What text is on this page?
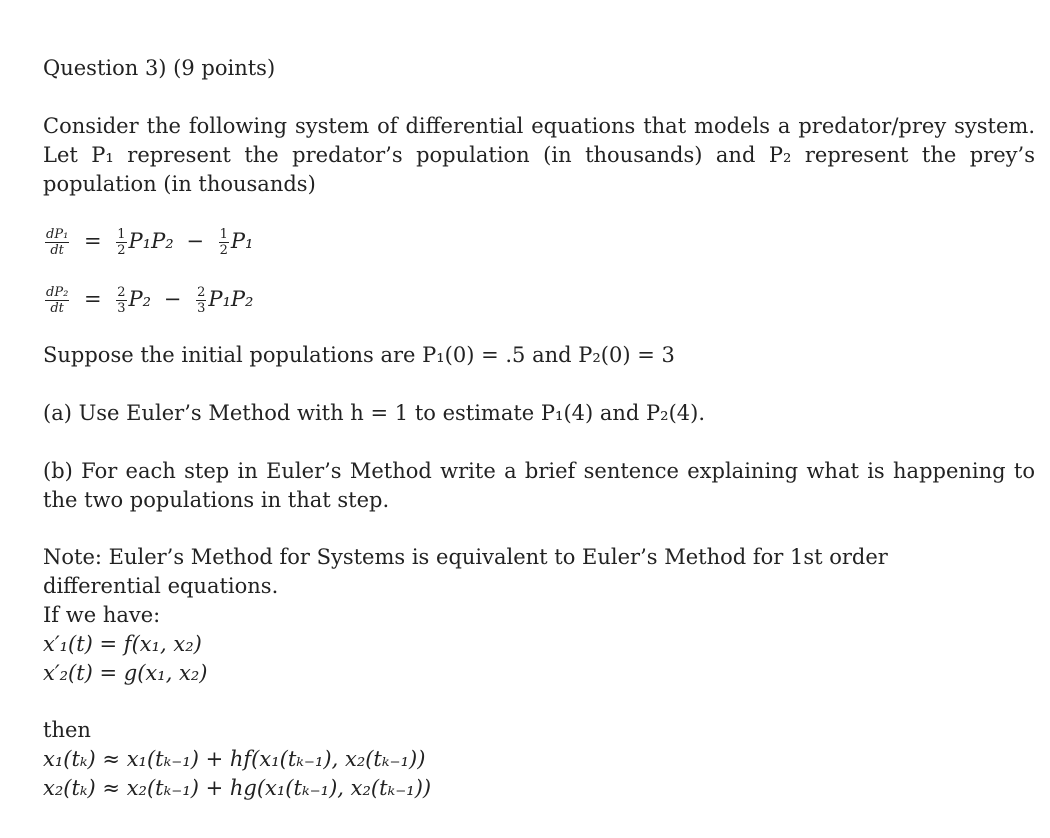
Question 3) (9 points)
Consider the following system of differential equations that models a predator/prey system. Let P₁ represent the predator’s population (in thousands) and P₂ represent the prey’s population (in thousands)
$\frac{\text{dP₁}}{dt} = \frac{1}{2} P_1P_2 - \frac{1}{2} P_1$
$\frac{\text{dP₂}}{dt} = \frac{2}{3} P_2 - \frac{2}{3} P_1P_2$
Suppose the initial populations are P₁(0) = .5 and P₂(0) = 3
(a) Use Euler’s Method with h = 1 to estimate P₁(4) and P₂(4).
(b) For each step in Euler’s Method write a brief sentence explaining what is happening to the two populations in that step.
Note: Euler’s Method for Systems is equivalent to Euler’s Method for 1st order differential equations.
If we have:
x′₁(t) = f(x₁, x₂)
x′₂(t) = g(x₁, x₂)
then
x₁(tₖ) ≈ x₁(tₖ₋₁) + hf(x₁(tₖ₋₁), x₂(tₖ₋₁))
x₂(tₖ) ≈ x₂(tₖ₋₁) + hg(x₁(tₖ₋₁), x₂(tₖ₋₁))
